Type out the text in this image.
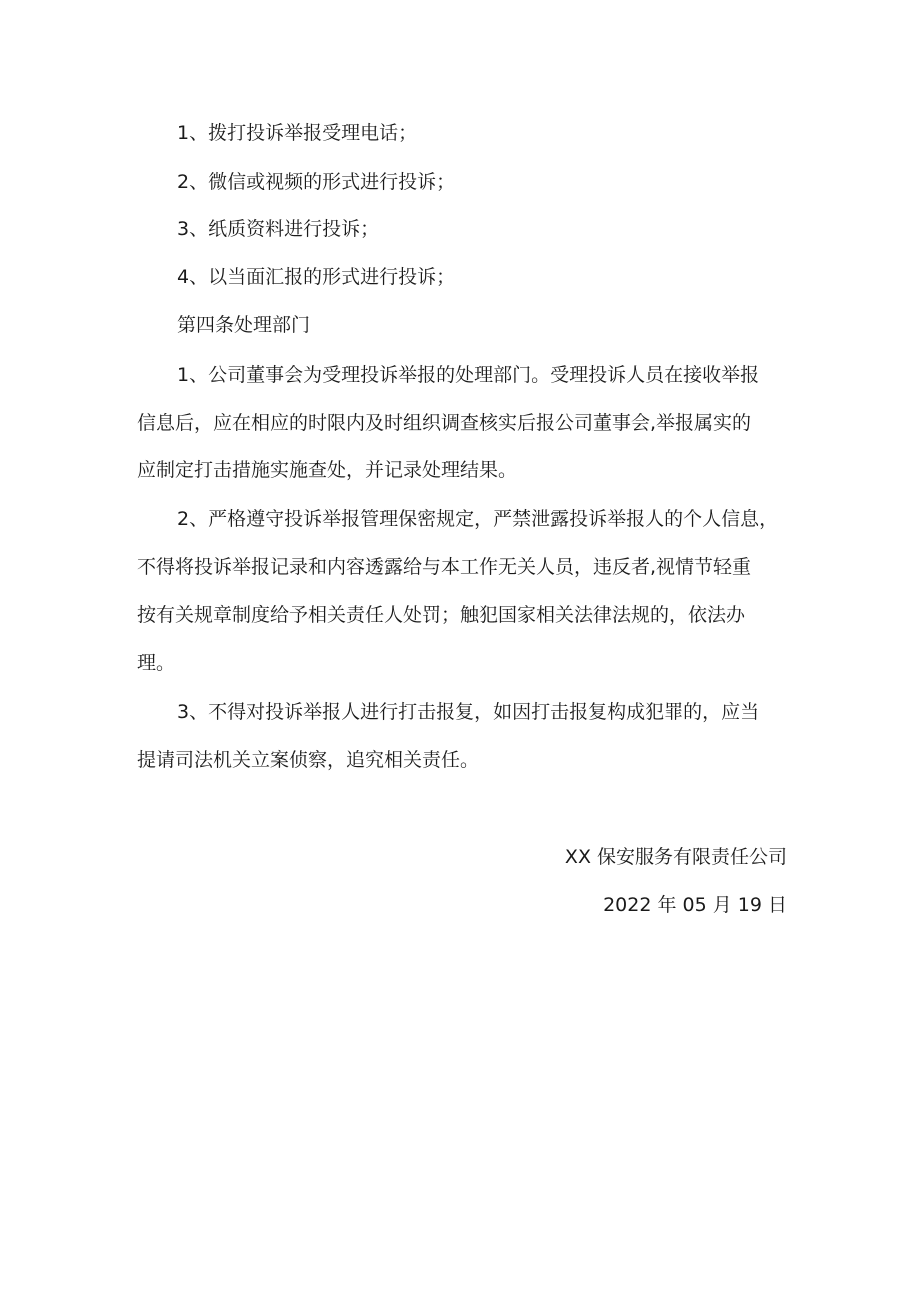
1、拨打投诉举报受理电话；
2、微信或视频的形式进行投诉；
3、纸质资料进行投诉；
4、以当面汇报的形式进行投诉；
第四条处理部门
1、公司董事会为受理投诉举报的处理部门。受理投诉人员在接收举报
信息后，应在相应的时限内及时组织调查核实后报公司董事会,举报属实的
应制定打击措施实施查处，并记录处理结果。
2、严格遵守投诉举报管理保密规定，严禁泄露投诉举报人的个人信息，
不得将投诉举报记录和内容透露给与本工作无关人员，违反者,视情节轻重
按有关规章制度给予相关责任人处罚；触犯国家相关法律法规的，依法办
理。
3、不得对投诉举报人进行打击报复，如因打击报复构成犯罪的，应当
提请司法机关立案侦察，追究相关责任。
XX 保安服务有限责任公司
2022 年 05 月 19 日
